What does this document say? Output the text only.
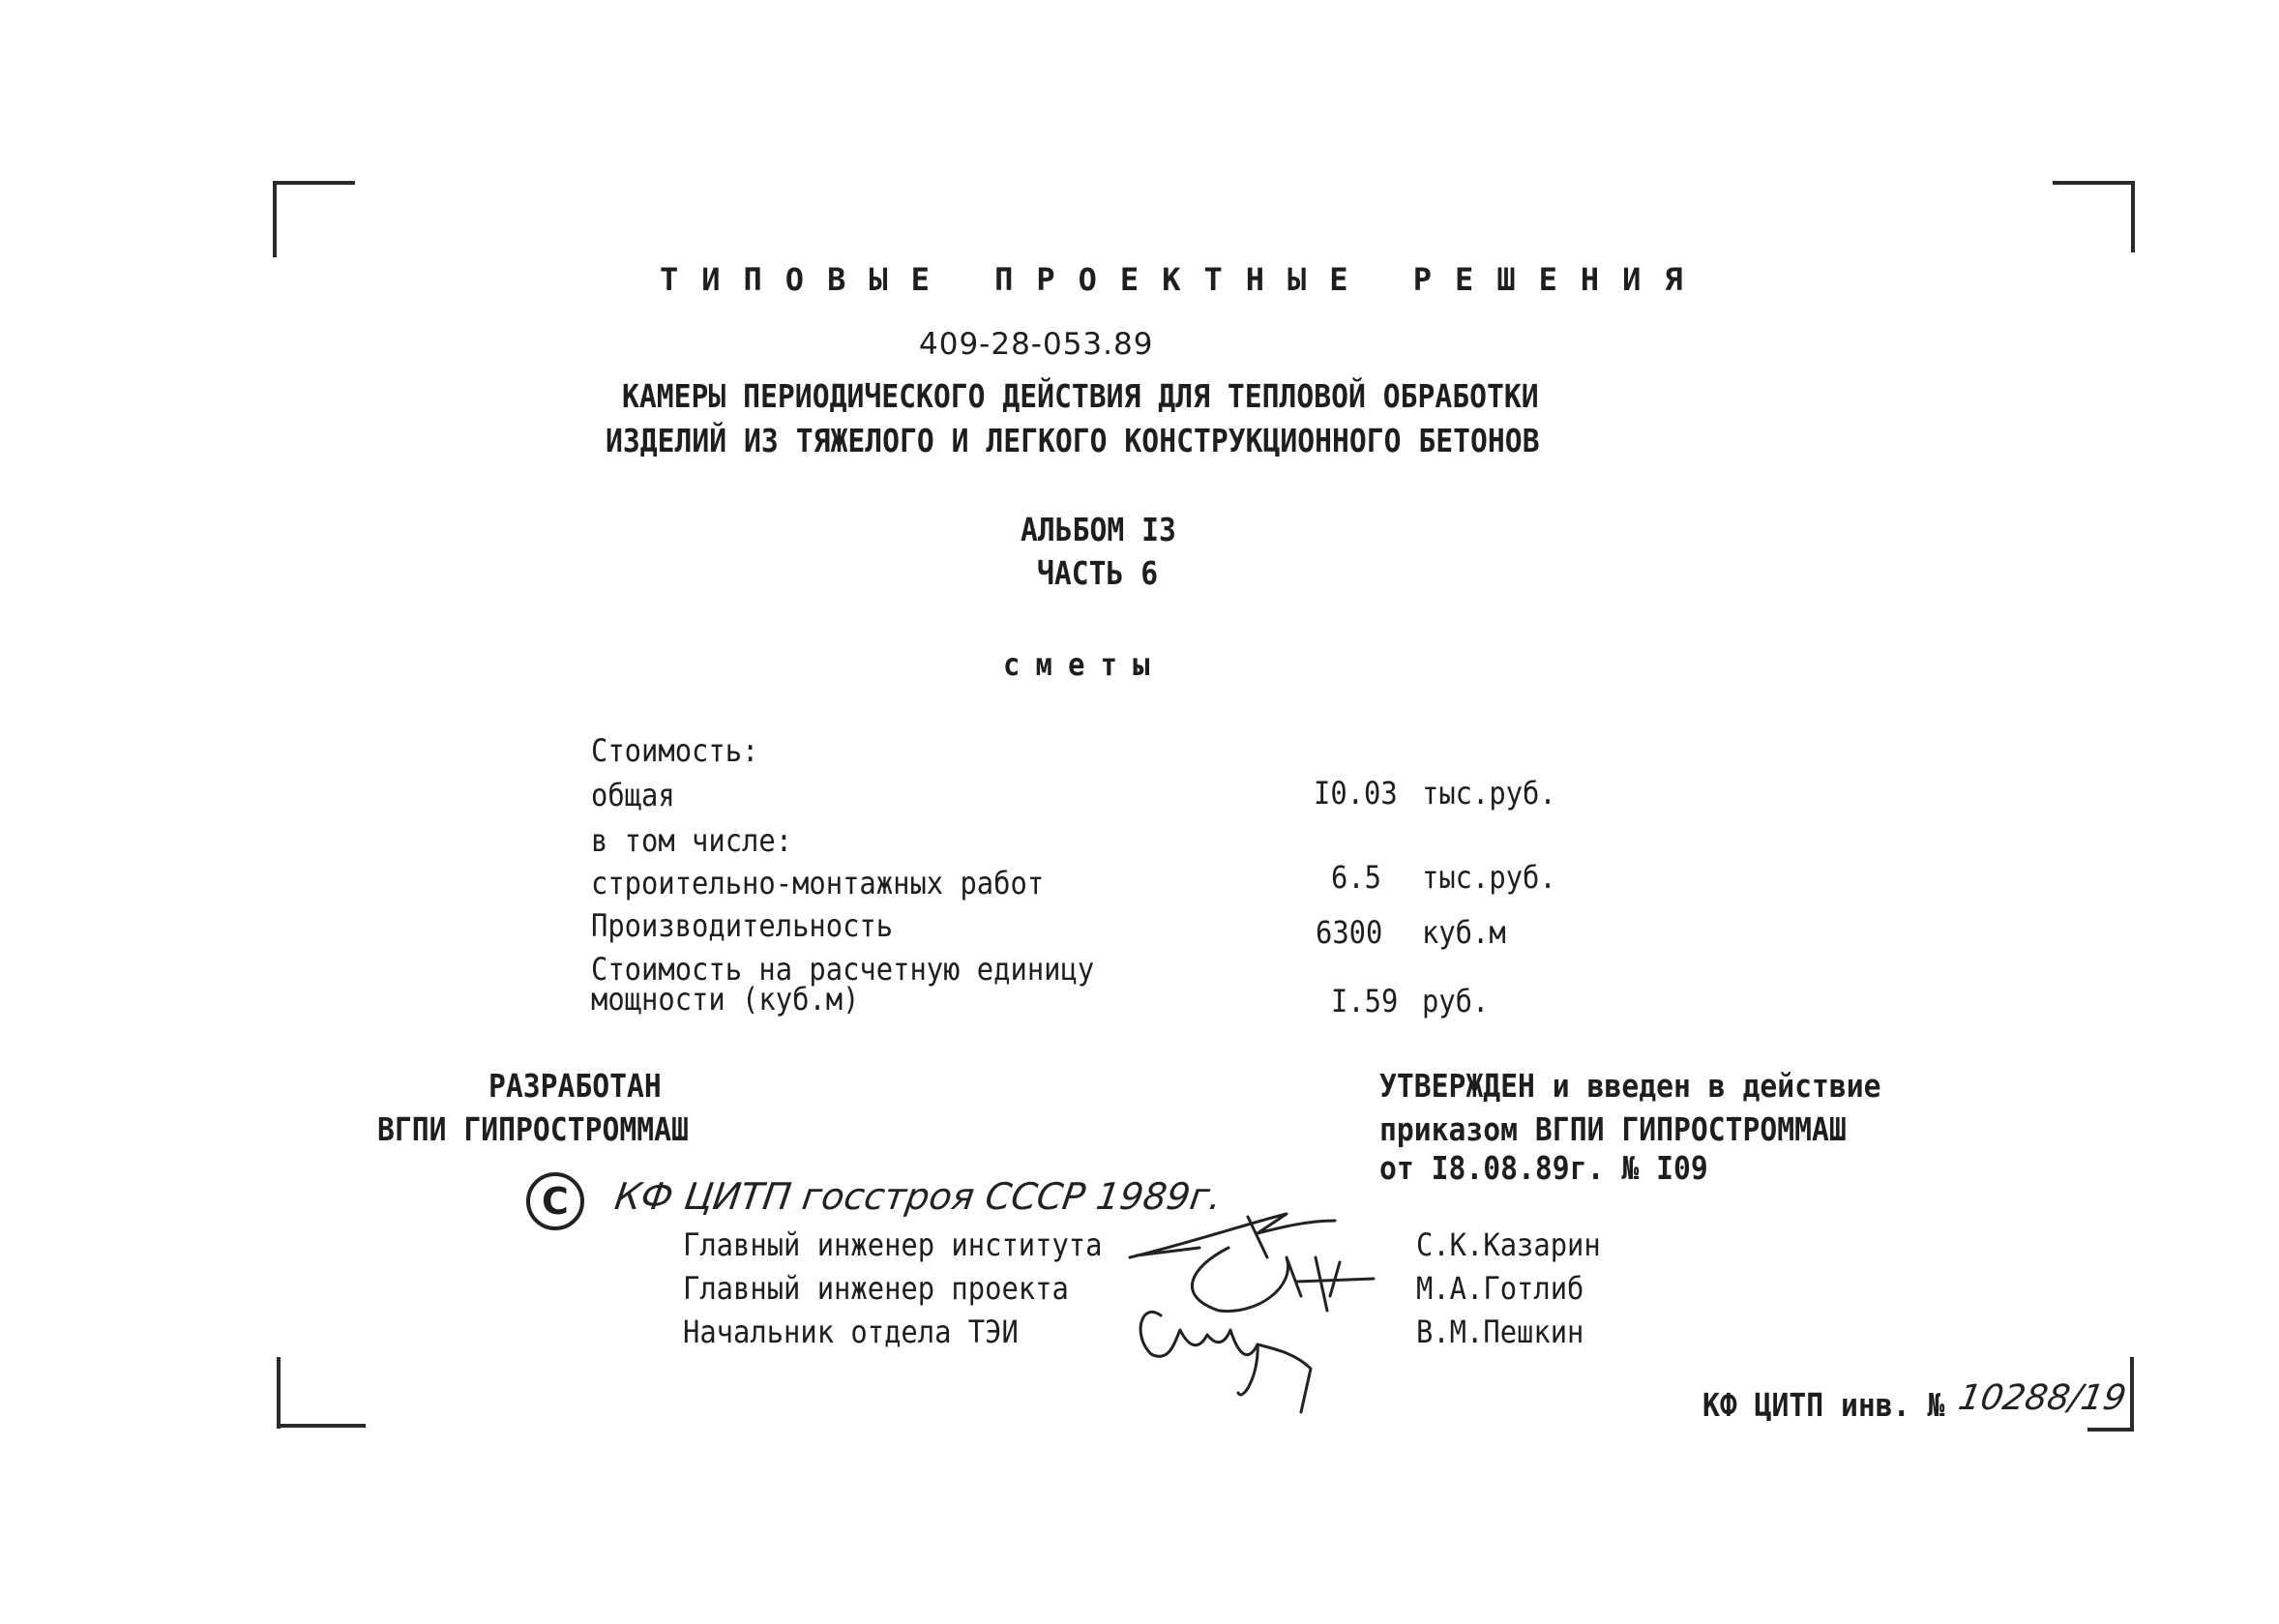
ТИПОВЫЕ ПРОЕКТНЫЕ РЕШЕНИЯ
409-28-053.89
КАМЕРЫ ПЕРИОДИЧЕСКОГО ДЕЙСТВИЯ ДЛЯ ТЕПЛОВОЙ ОБРАБОТКИ
ИЗДЕЛИЙ ИЗ ТЯЖЕЛОГО И ЛЕГКОГО КОНСТРУКЦИОННОГО БЕТОНОВ
АЛЬБОМ I3
ЧАСТЬ 6
сметы
Стоимость:
общая	I0.03 тыс.руб.
в том числе:
строительно-монтажных работ	6.5 тыс.руб.
Производительность	6300 куб.м
Стоимость на расчетную единицу
мощности (куб.м)	I.59 руб.
РАЗРАБОТАН
ВГПИ ГИПРОСТРОММАШ
УТВЕРЖДЕН и введен в действие
приказом ВГПИ ГИПРОСТРОММАШ
от I8.08.89г. № I09
C	КФ ЦИТП госстроя СССР 1989г.
Главный инженер института	С.К.Казарин
Главный инженер проекта	М.А.Готлиб
Начальник отдела ТЭИ	В.М.Пешкин
КФ ЦИТП инв. № 10288/19
